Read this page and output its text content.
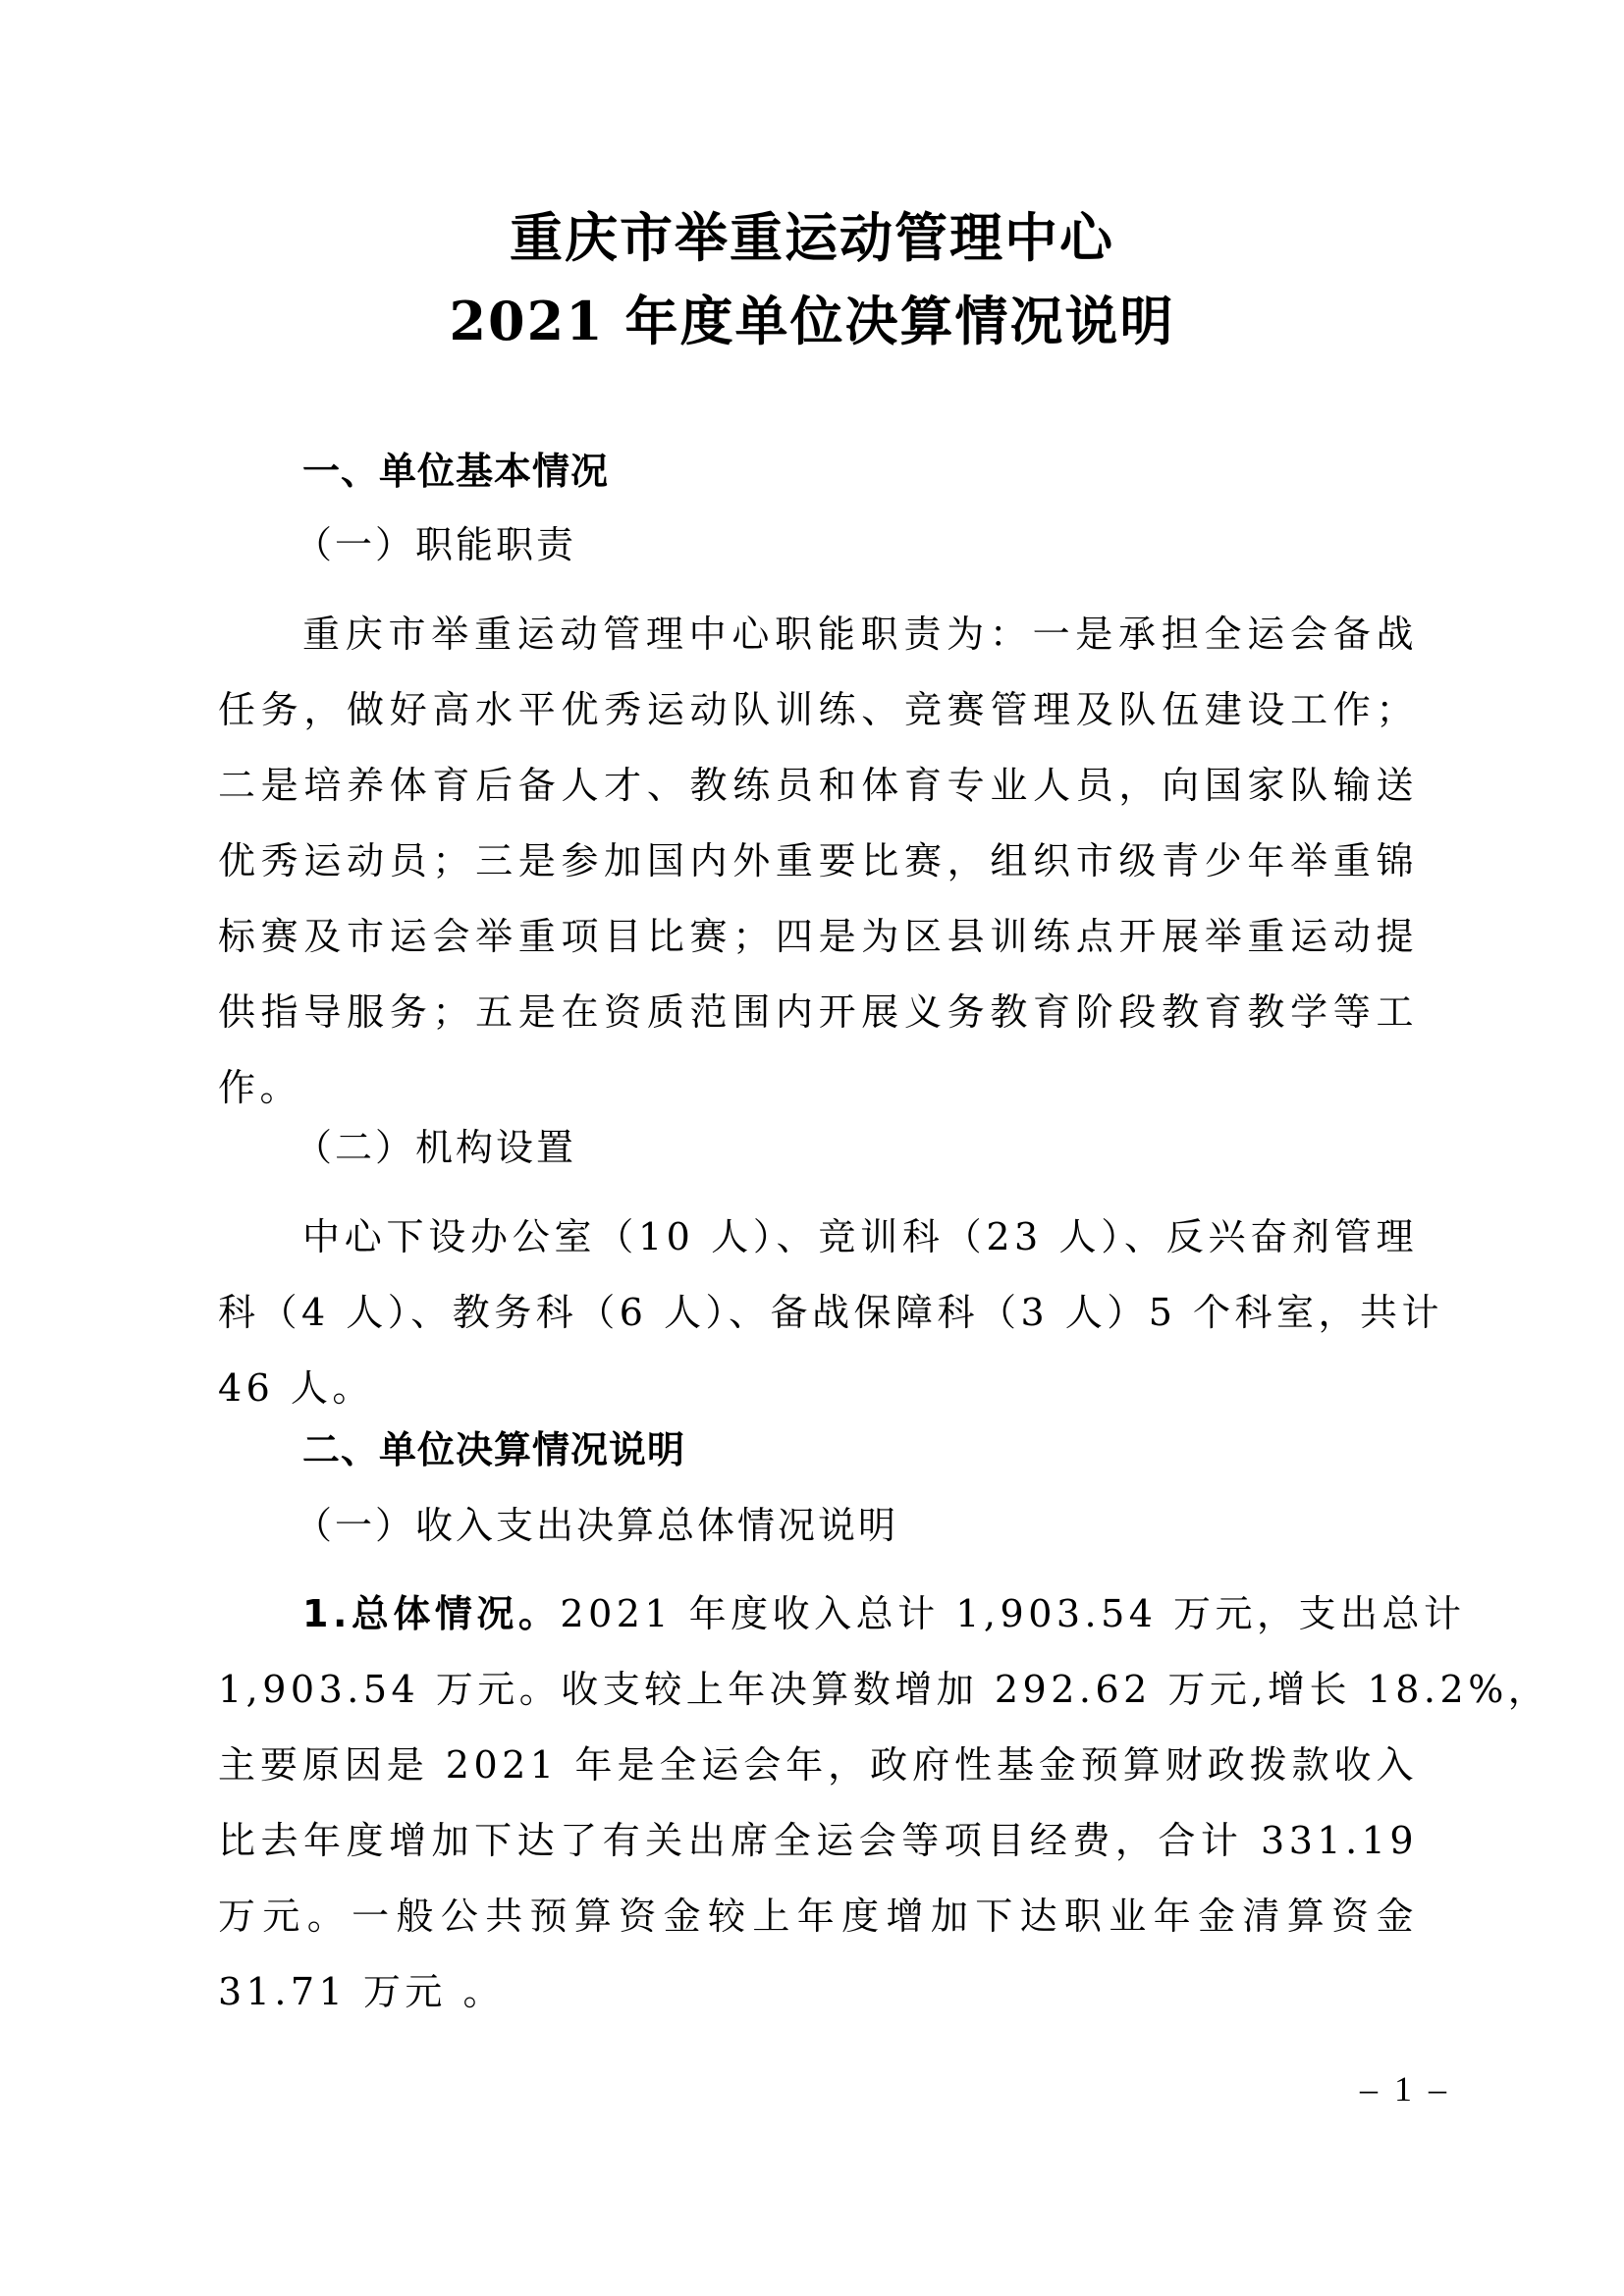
重庆市举重运动管理中心
2021 年度单位决算情况说明
一、单位基本情况
（一）职能职责
重庆市举重运动管理中心职能职责为：一是承担全运会备战
任务，做好高水平优秀运动队训练、竞赛管理及队伍建设工作；
二是培养体育后备人才、教练员和体育专业人员，向国家队输送
优秀运动员；三是参加国内外重要比赛，组织市级青少年举重锦
标赛及市运会举重项目比赛；四是为区县训练点开展举重运动提
供指导服务；五是在资质范围内开展义务教育阶段教育教学等工
作。
（二）机构设置
中心下设办公室（10 人）、竞训科（23 人）、反兴奋剂管理
科（4 人）、教务科（6 人）、备战保障科（3 人）5 个科室，共计
46 人。
二、单位决算情况说明
（一）收入支出决算总体情况说明
1.总体情况。2021 年度收入总计 1,903.54 万元，支出总计
1,903.54 万元。收支较上年决算数增加 292.62 万元,增长 18.2%，
主要原因是 2021 年是全运会年，政府性基金预算财政拨款收入
比去年度增加下达了有关出席全运会等项目经费，合计 331.19
万元。一般公共预算资金较上年度增加下达职业年金清算资金
31.71 万元 。
– 1 –
